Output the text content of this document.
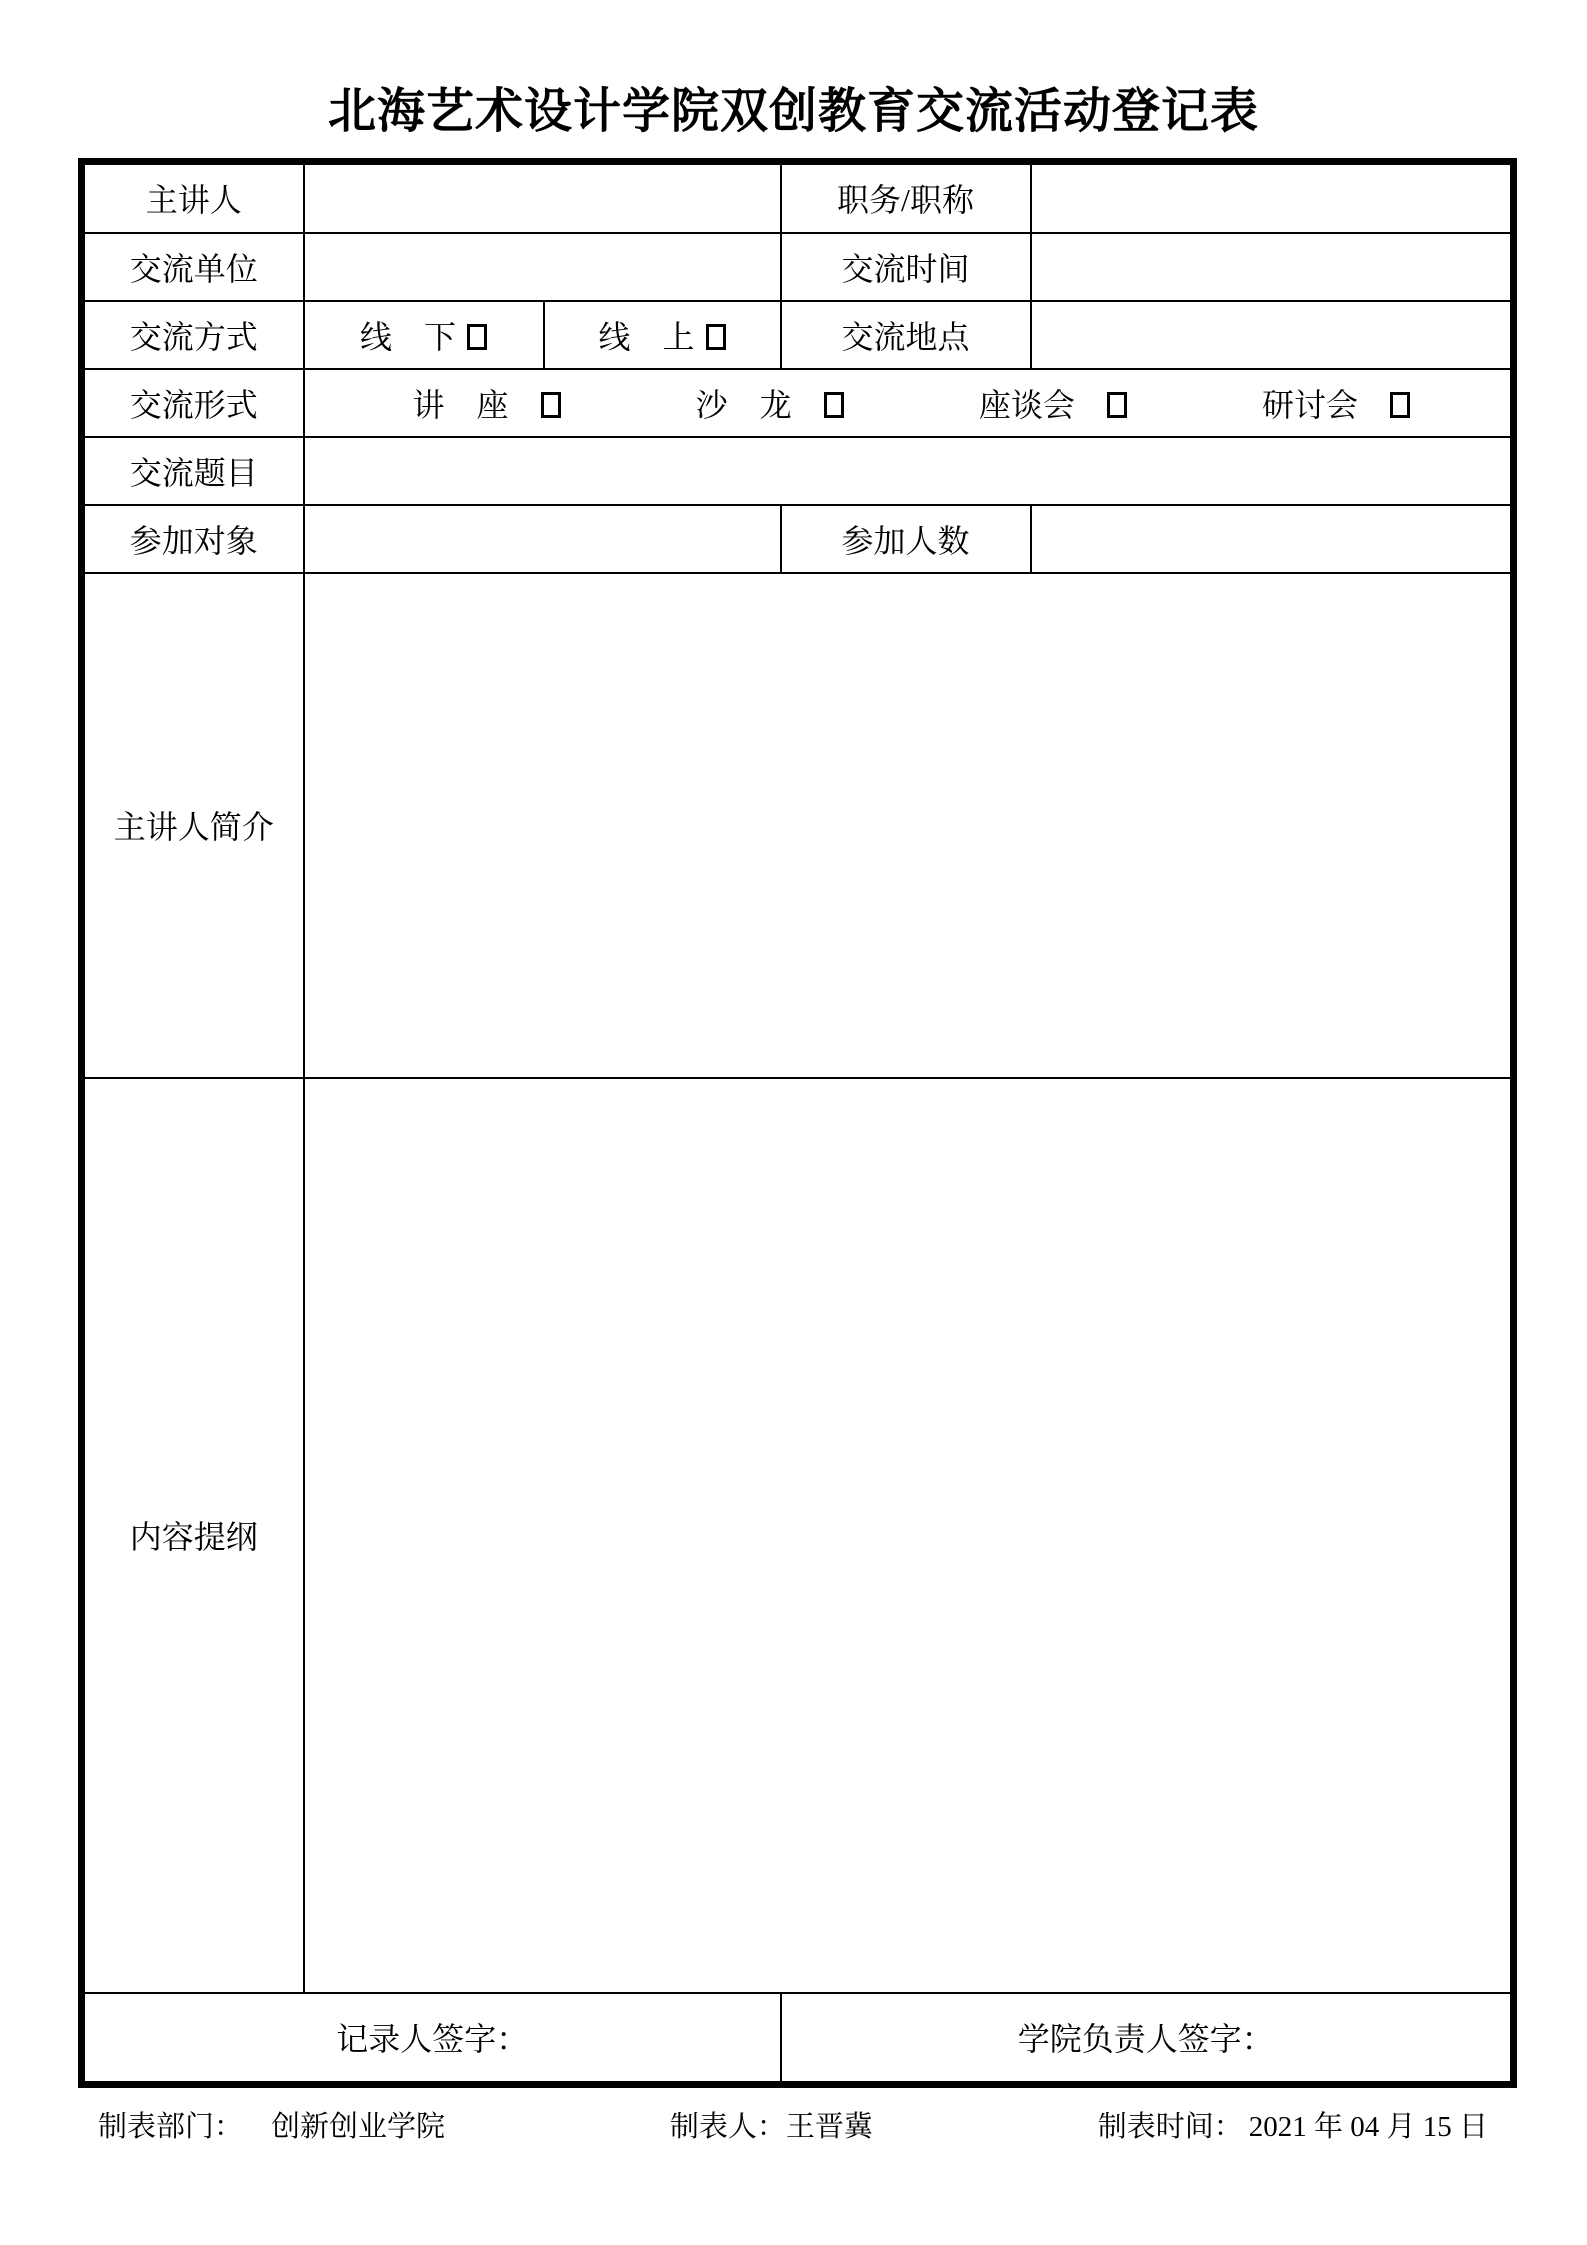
北海艺术设计学院双创教育交流活动登记表
主讲人			职务/职称	
交流单位			交流时间	
交流方式	线　下	线　上	交流地点	
交流形式	讲　座 沙　龙 座谈会 研讨会			

交流题目				
参加对象			参加人数	
主讲人简介				
内容提纲				
记录人签字：			学院负责人签字：	
制表部门： 创新创业学院	制表人：王晋冀	制表时间： 2021 年 04 月 15 日
